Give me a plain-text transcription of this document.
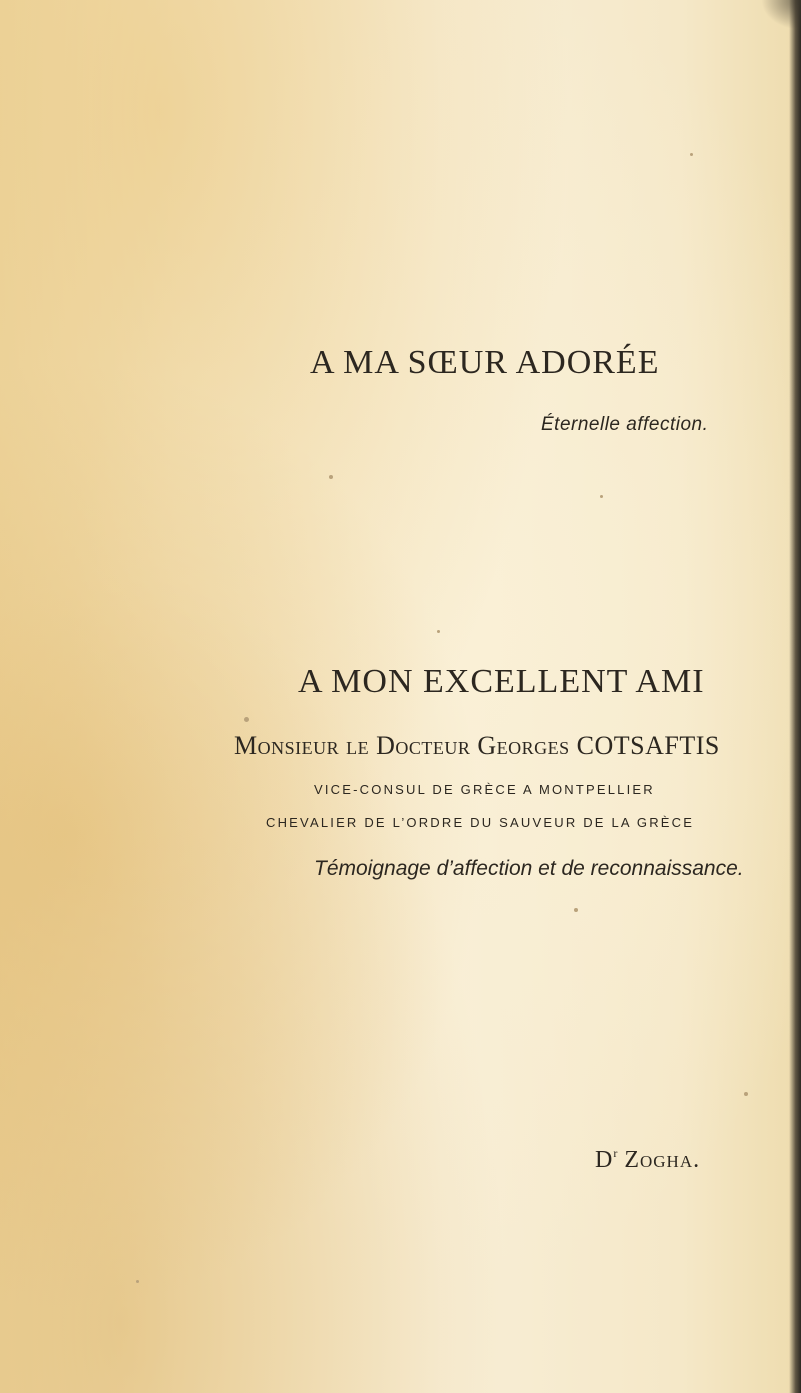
A MA SŒUR ADORÉE
Éternelle affection.
A MON EXCELLENT AMI
Monsieur le Docteur Georges COTSAFTIS
VICE-CONSUL DE GRÈCE A MONTPELLIER
CHEVALIER DE L’ORDRE DU SAUVEUR DE LA GRÈCE
Témoignage d’affection et de reconnaissance.
$D^r$ Zogha.
